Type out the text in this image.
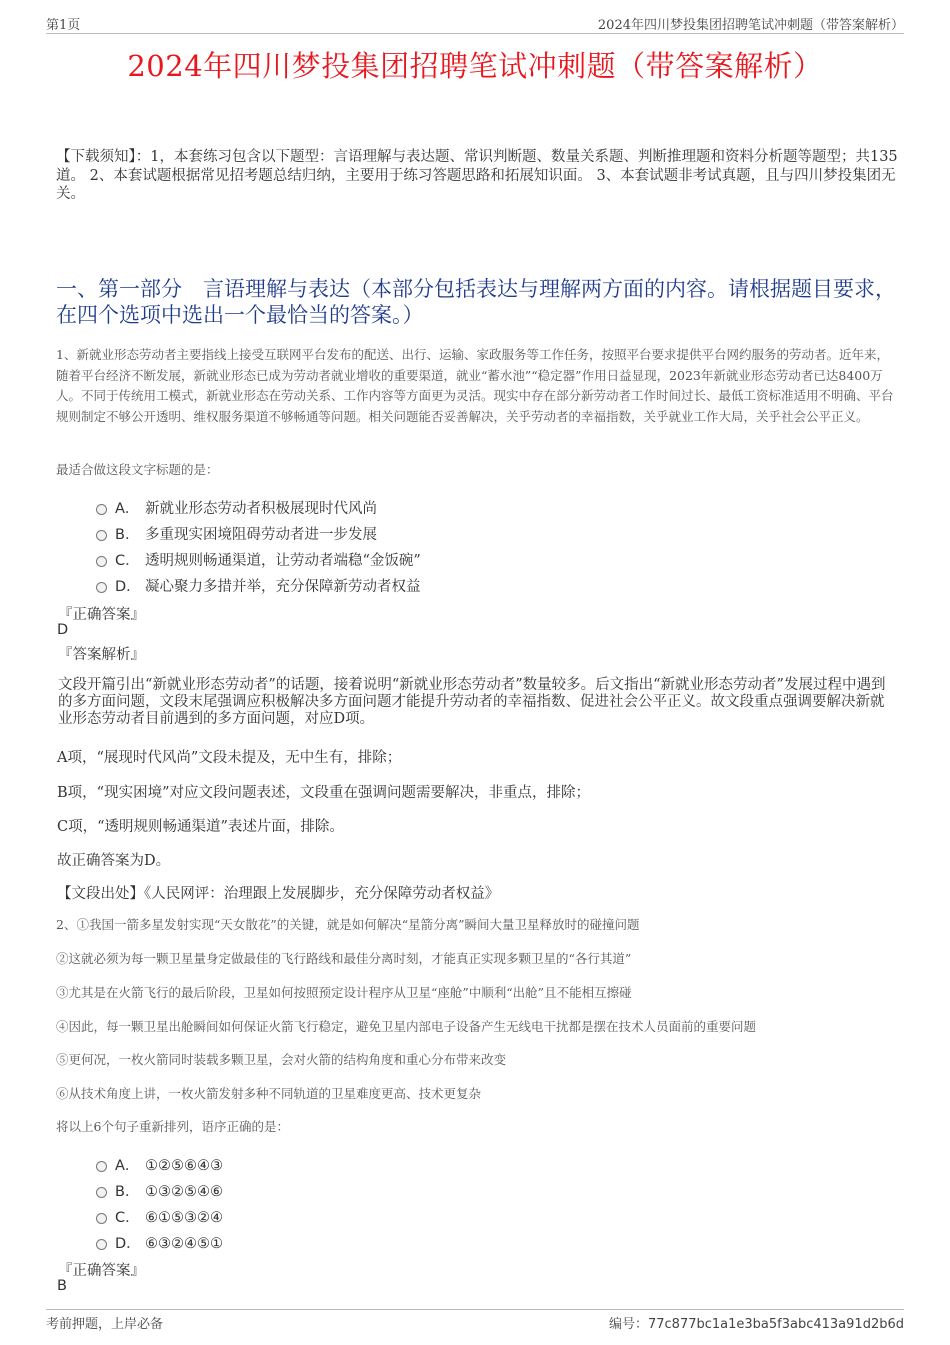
第1页	2024年四川梦投集团招聘笔试冲刺题（带答案解析）
2024年四川梦投集团招聘笔试冲刺题（带答案解析）
【下载须知】：1，本套练习包含以下题型：言语理解与表达题、常识判断题、数量关系题、判断推理题和资料分析题等题型；共135道。 2、本套试题根据常见招考题总结归纳，主要用于练习答题思路和拓展知识面。 3、本套试题非考试真题，且与四川梦投集团无关。
一、第一部分　言语理解与表达（本部分包括表达与理解两方面的内容。请根据题目要求，在四个选项中选出一个最恰当的答案。）
1、新就业形态劳动者主要指线上接受互联网平台发布的配送、出行、运输、家政服务等工作任务，按照平台要求提供平台网约服务的劳动者。近年来，随着平台经济不断发展，新就业形态已成为劳动者就业增收的重要渠道，就业“蓄水池”“稳定器”作用日益显现，2023年新就业形态劳动者已达8400万人。不同于传统用工模式，新就业形态在劳动关系、工作内容等方面更为灵活。现实中存在部分新劳动者工作时间过长、最低工资标准适用不明确、平台规则制定不够公开透明、维权服务渠道不够畅通等问题。相关问题能否妥善解决，关乎劳动者的幸福指数，关乎就业工作大局，关乎社会公平正义。
最适合做这段文字标题的是：
A． 新就业形态劳动者积极展现时代风尚
B． 多重现实困境阻碍劳动者进一步发展
C． 透明规则畅通渠道，让劳动者端稳“金饭碗”
D． 凝心聚力多措并举，充分保障新劳动者权益
『正确答案』
D
『答案解析』
文段开篇引出“新就业形态劳动者”的话题，接着说明“新就业形态劳动者”数量较多。后文指出“新就业形态劳动者”发展过程中遇到的多方面问题，文段末尾强调应积极解决多方面问题才能提升劳动者的幸福指数、促进社会公平正义。故文段重点强调要解决新就业形态劳动者目前遇到的多方面问题，对应D项。
A项，“展现时代风尚”文段未提及，无中生有，排除；
B项，“现实困境”对应文段问题表述，文段重在强调问题需要解决，非重点，排除；
C项，“透明规则畅通渠道”表述片面，排除。
故正确答案为D。
【文段出处】《人民网评：治理跟上发展脚步，充分保障劳动者权益》
2、①我国一箭多星发射实现“天女散花”的关键，就是如何解决“星箭分离”瞬间大量卫星释放时的碰撞问题
②这就必须为每一颗卫星量身定做最佳的飞行路线和最佳分离时刻，才能真正实现多颗卫星的“各行其道”
③尤其是在火箭飞行的最后阶段，卫星如何按照预定设计程序从卫星“座舱”中顺利“出舱”且不能相互擦碰
④因此，每一颗卫星出舱瞬间如何保证火箭飞行稳定，避免卫星内部电子设备产生无线电干扰都是摆在技术人员面前的重要问题
⑤更何况，一枚火箭同时装载多颗卫星，会对火箭的结构角度和重心分布带来改变
⑥从技术角度上讲，一枚火箭发射多种不同轨道的卫星难度更高、技术更复杂
将以上6个句子重新排列，语序正确的是：
A． ①②⑤⑥④③
B． ①③②⑤④⑥
C． ⑥①⑤③②④
D． ⑥③②④⑤①
『正确答案』
B
考前押题，上岸必备	编号：77c877bc1a1e3ba5f3abc413a91d2b6d
